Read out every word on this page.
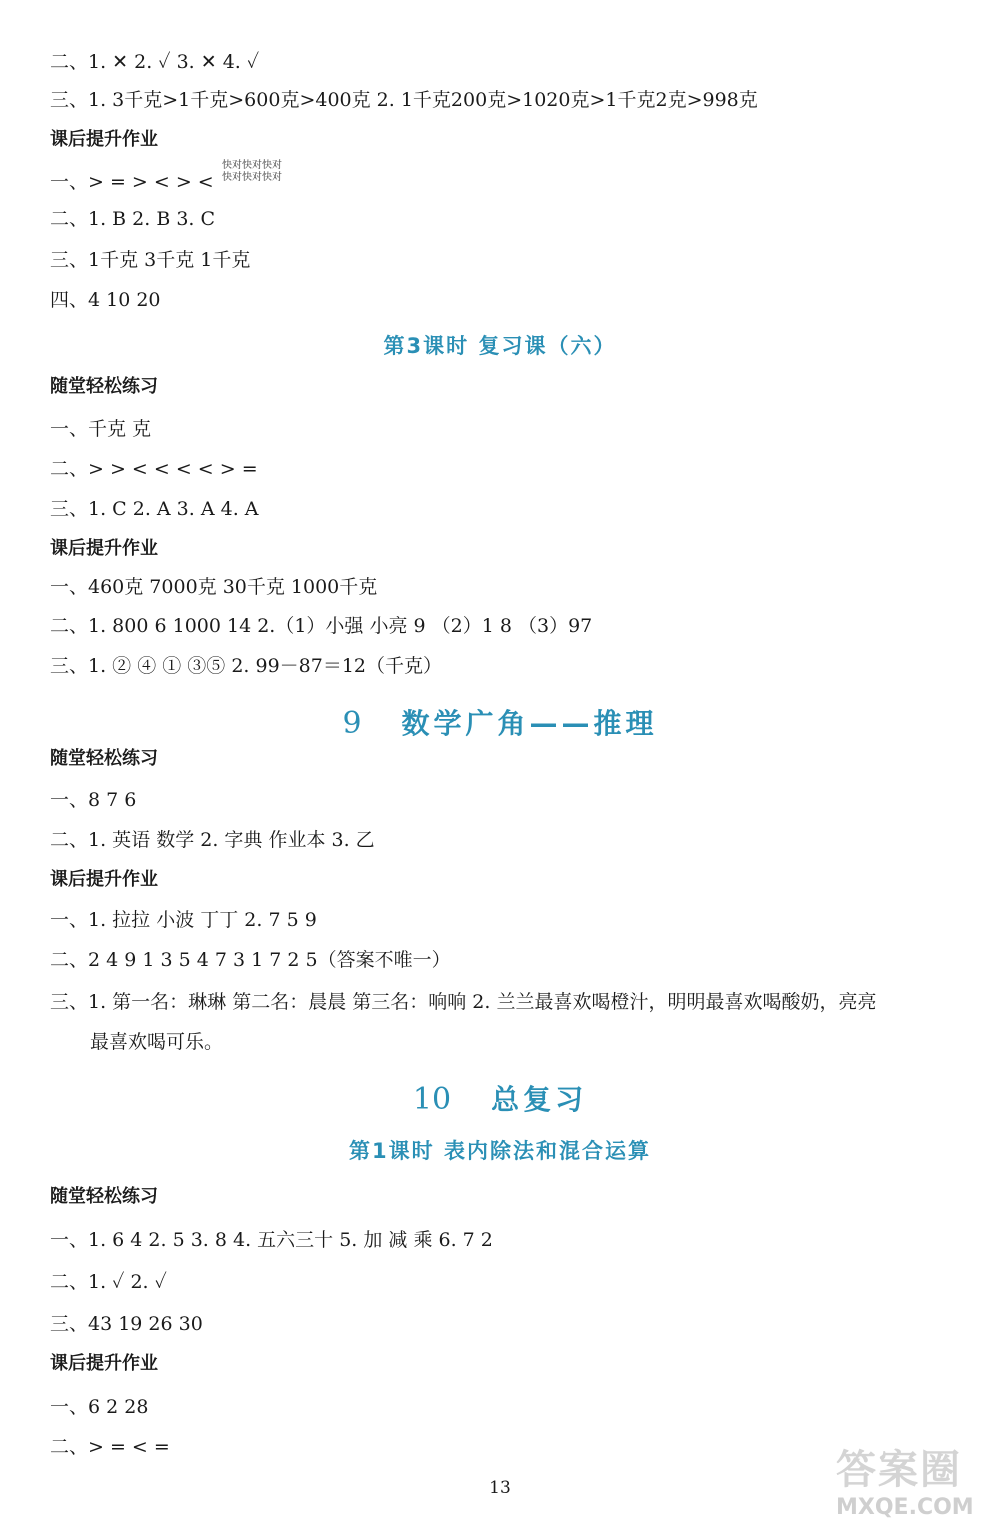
二、1. ✕ 2. ✓ 3. ✕ 4. ✓
三、1. 3千克>1千克>600克>400克 2. 1千克200克>1020克>1千克2克>998克
课后提升作业
一、> = > < > <
二、1. B 2. B 3. C
三、1千克 3千克 1千克
四、4 10 20
第3课时 复习课（六）
随堂轻松练习
一、千克 克
二、> > < < < < > =
三、1. C 2. A 3. A 4. A
课后提升作业
一、460克 7000克 30千克 1000千克
二、1. 800 6 1000 14 2.（1）小强 小亮 9 （2）1 8 （3）97
三、1. ② ④ ① ③⑤ 2. 99－87＝12（千克）
9 数学广角——推理
随堂轻松练习
一、8 7 6
二、1. 英语 数学 2. 字典 作业本 3. 乙
课后提升作业
一、1. 拉拉 小波 丁丁 2. 7 5 9
二、2 4 9 1 3 5 4 7 3 1 7 2 5（答案不唯一）
三、1. 第一名：琳琳 第二名：晨晨 第三名：响响 2. 兰兰最喜欢喝橙汁，明明最喜欢喝酸奶，亮亮
最喜欢喝可乐。
10 总复习
第1课时 表内除法和混合运算
随堂轻松练习
一、1. 6 4 2. 5 3. 8 4. 五六三十 5. 加 减 乘 6. 7 2
二、1. ✓ 2. ✓
三、43 19 26 30
课后提升作业
一、6 2 28
二、> = < =
快对快对快对
快对快对快对
13	答案圈
MXQE.COM
